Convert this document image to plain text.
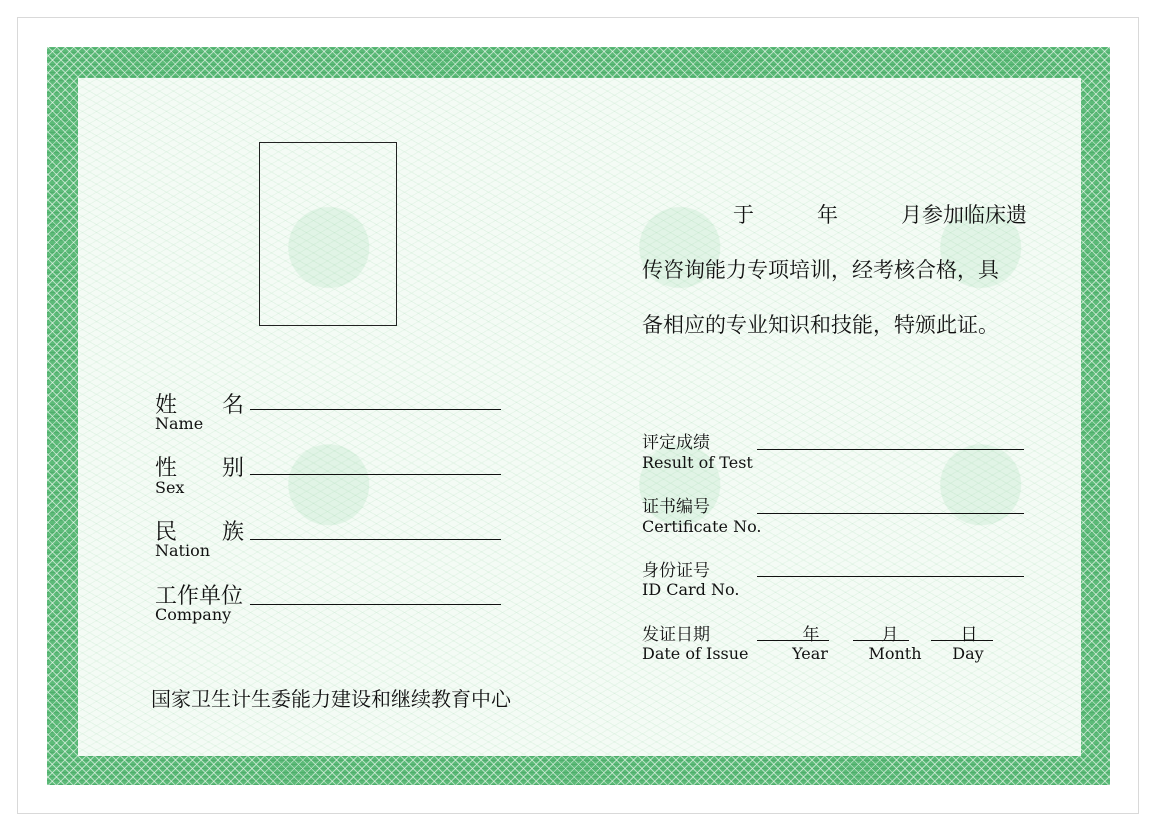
姓 名
Name
性 别
Sex
民 族
Nation
工作单位
Company
国家卫生计生委能力建设和继续教育中心
于	年	月参加临床遗
传咨询能力专项培训，经考核合格，具
备相应的专业知识和技能，特颁此证。
评定成绩
Result of Test
证书编号
Certificate No.
身份证号
ID Card No.
发证日期
Date of Issue
年
Year
月
Month
日
Day
